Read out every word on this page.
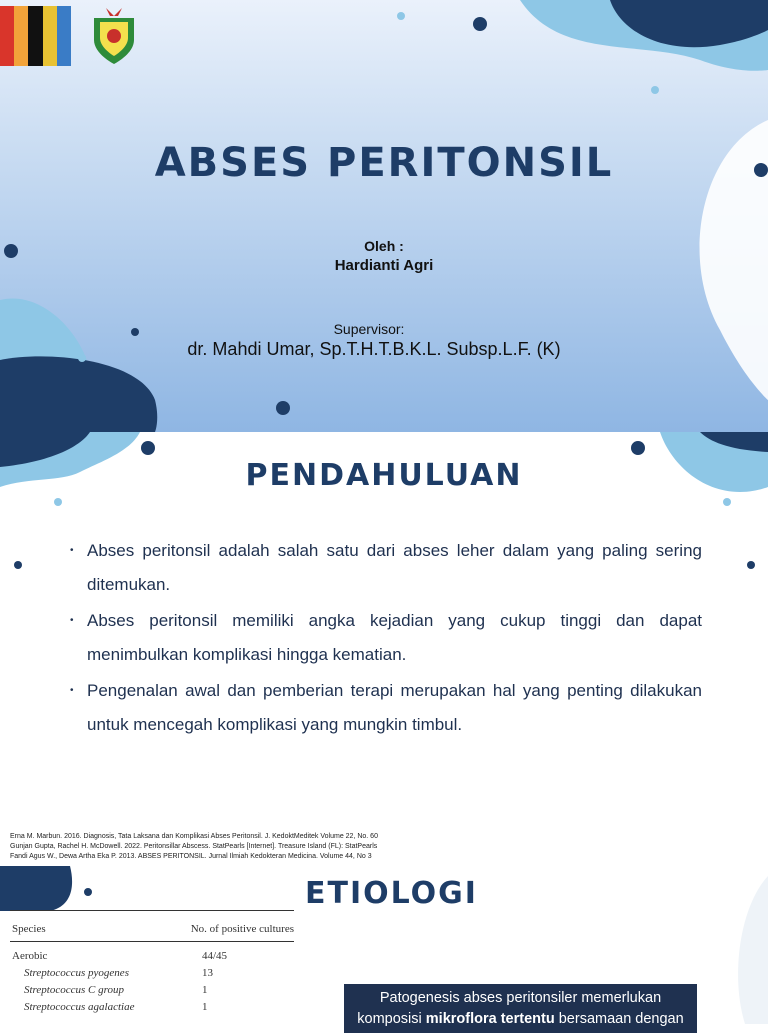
ABSES PERITONSIL
Oleh :
Hardianti Agri
Supervisor:
dr. Mahdi Umar, Sp.T.H.T.B.K.L. Subsp.L.F. (K)
PENDAHULUAN
• Abses peritonsil adalah salah satu dari abses leher dalam yang paling sering ditemukan.
• Abses peritonsil memiliki angka kejadian yang cukup tinggi dan dapat menimbulkan komplikasi hingga kematian.
• Pengenalan awal dan pemberian terapi merupakan hal yang penting dilakukan untuk mencegah komplikasi yang mungkin timbul.
Erna M. Marbun. 2016. Diagnosis, Tata Laksana dan Komplikasi Abses Peritonsil. J. KedoktMeditek Volume 22, No. 60
Gunjan Gupta, Rachel H. McDowell. 2022. Peritonsillar Abscess. StatPearls [Internet]. Treasure Island (FL): StatPearls
Fandi Agus W., Dewa Artha Eka P. 2013. ABSES PERITONSIL. Jurnal Ilmiah Kedokteran Medicina. Volume 44, No 3
ETIOLOGI
Species	No. of positive cultures
Aerobic	44/45
Streptococcus pyogenes	13
Streptococcus C group	1
Streptococcus agalactiae	1
Patogenesis abses peritonsiler memerlukan
komposisi mikroflora tertentu bersamaan dengan
